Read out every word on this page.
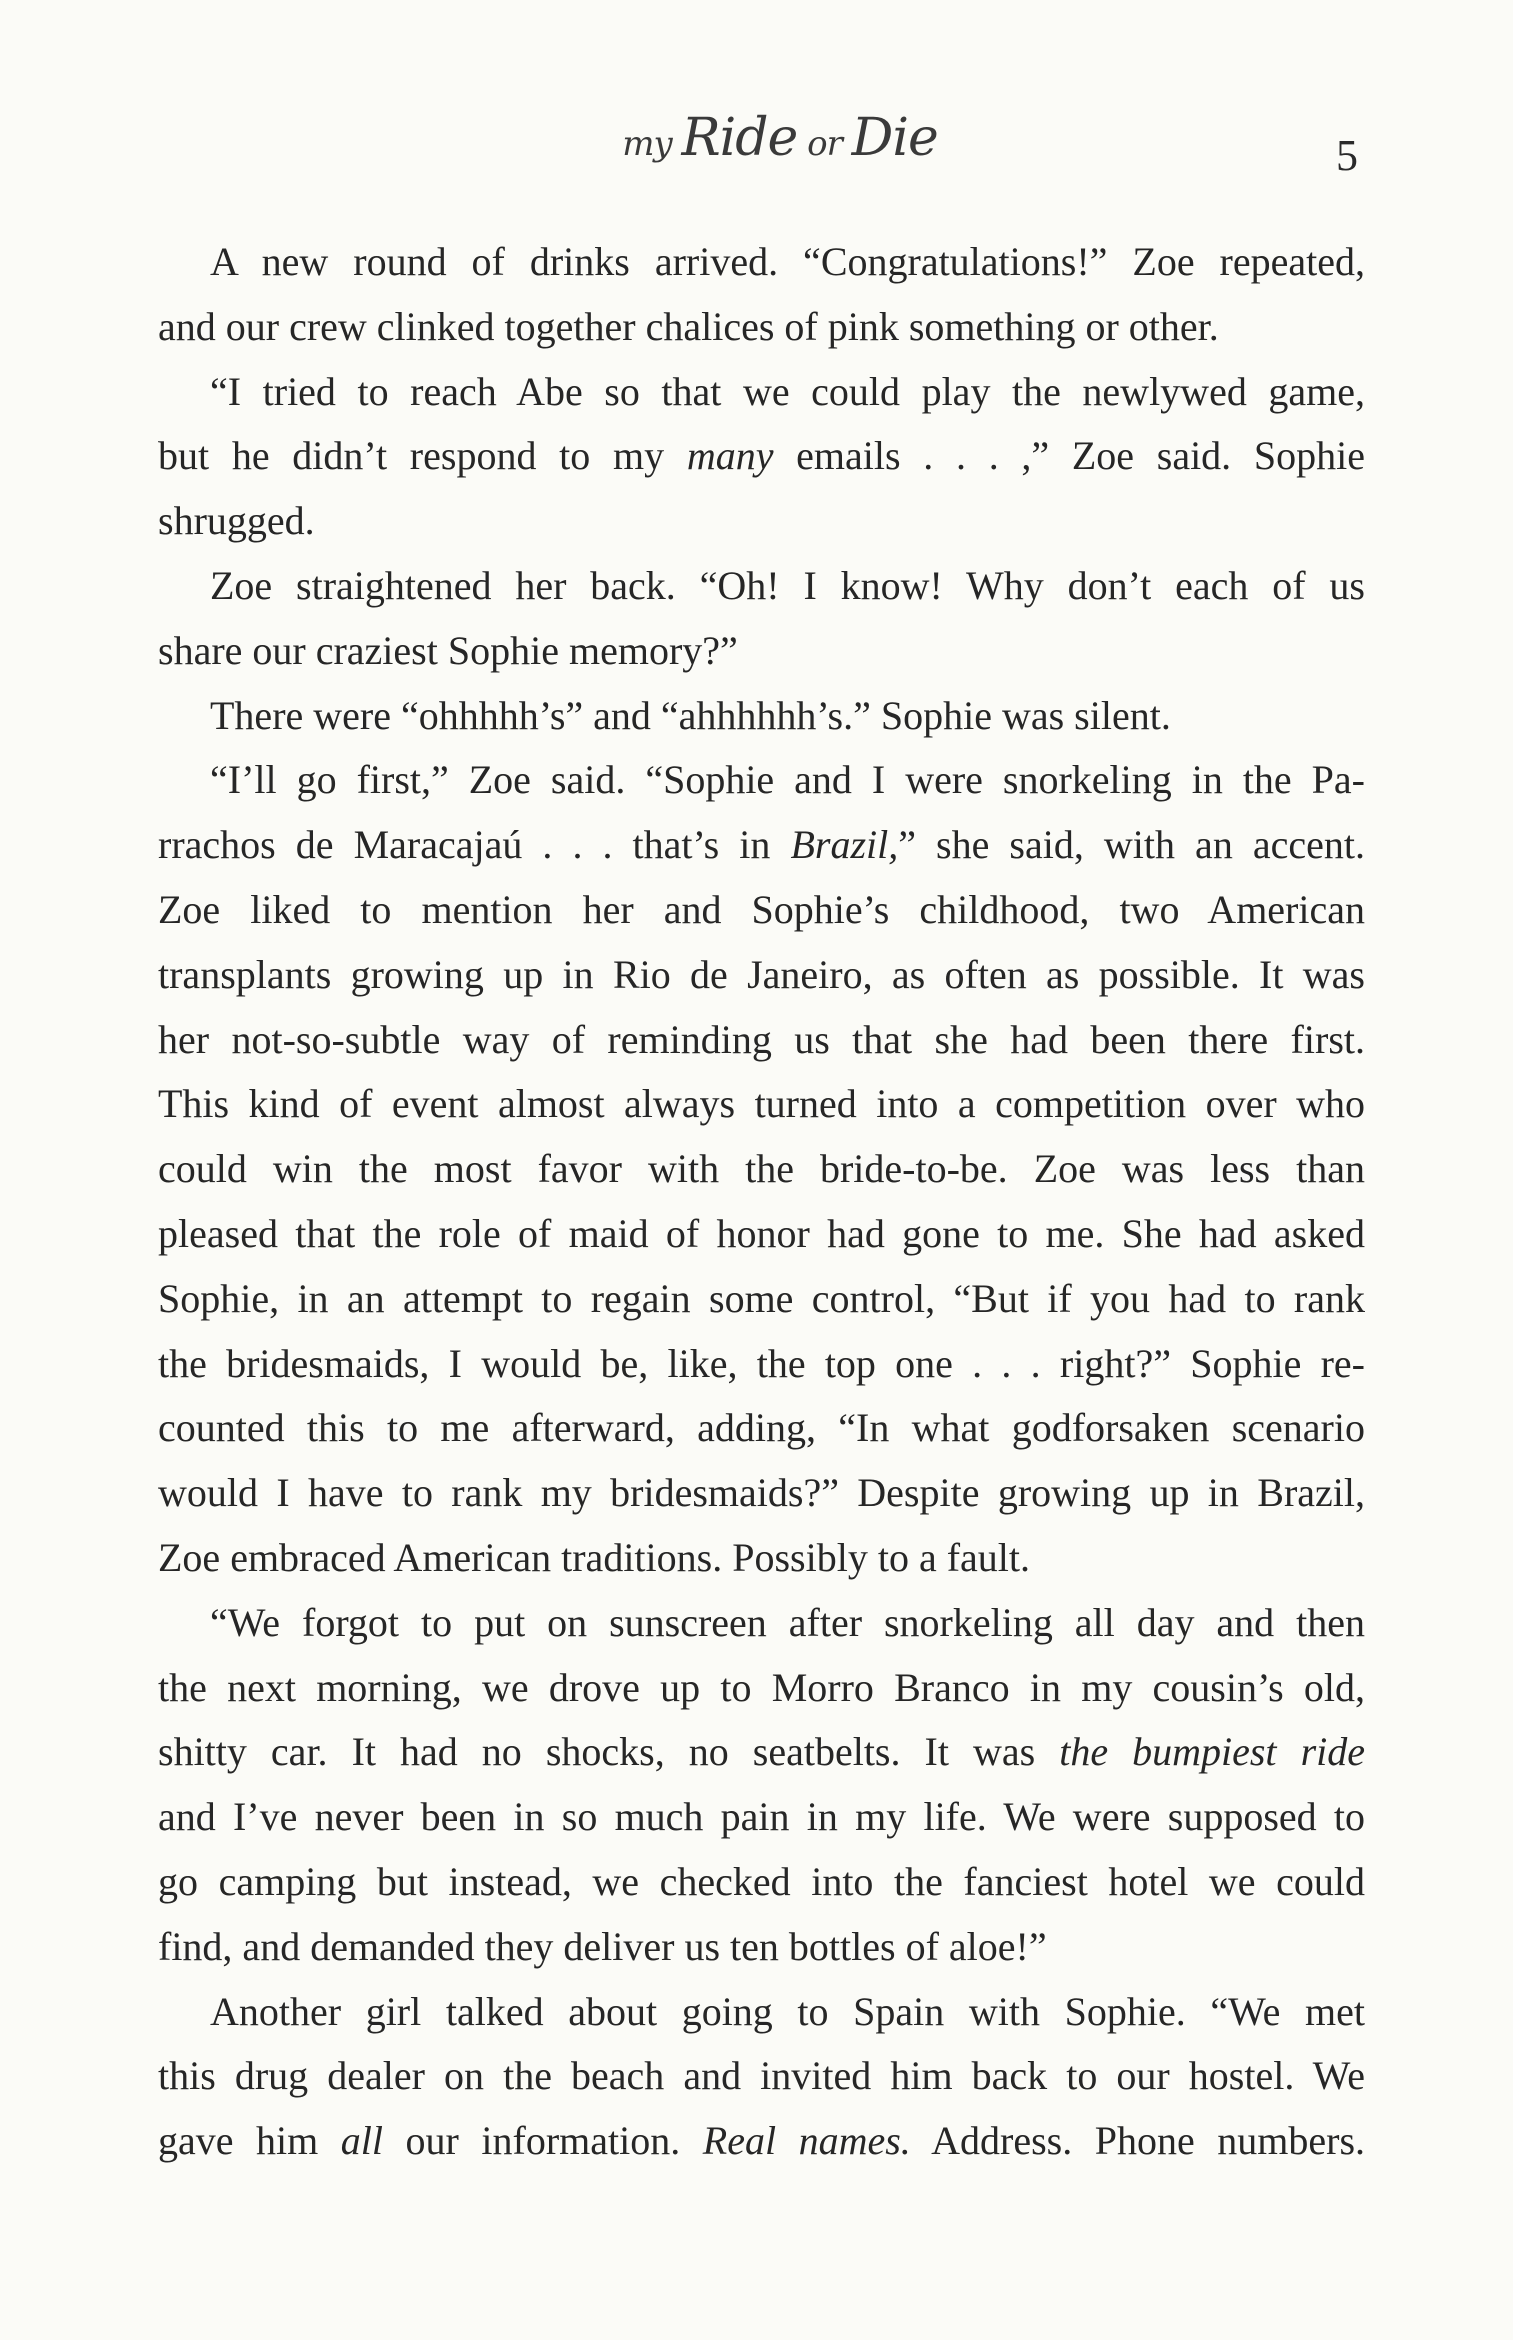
my Ride or Die	5
A new round of drinks arrived. “Congratulations!” Zoe repeated,
and our crew clinked together chalices of pink something or other.
“I tried to reach Abe so that we could play the newlywed game,
but he didn’t respond to my many emails . . . ,” Zoe said. Sophie
shrugged.
Zoe straightened her back. “Oh! I know! Why don’t each of us
share our craziest Sophie memory?”
There were “ohhhhh’s” and “ahhhhhh’s.” Sophie was silent.
“I’ll go first,” Zoe said. “Sophie and I were snorkeling in the Pa-
rrachos de Maracajaú . . . that’s in Brazil,” she said, with an accent.
Zoe liked to mention her and Sophie’s childhood, two American
transplants growing up in Rio de Janeiro, as often as possible. It was
her not-so-subtle way of reminding us that she had been there first.
This kind of event almost always turned into a competition over who
could win the most favor with the bride-to-be. Zoe was less than
pleased that the role of maid of honor had gone to me. She had asked
Sophie, in an attempt to regain some control, “But if you had to rank
the bridesmaids, I would be, like, the top one . . . right?” Sophie re-
counted this to me afterward, adding, “In what godforsaken scenario
would I have to rank my bridesmaids?” Despite growing up in Brazil,
Zoe embraced American traditions. Possibly to a fault.
“We forgot to put on sunscreen after snorkeling all day and then
the next morning, we drove up to Morro Branco in my cousin’s old,
shitty car. It had no shocks, no seatbelts. It was the bumpiest ride
and I’ve never been in so much pain in my life. We were supposed to
go camping but instead, we checked into the fanciest hotel we could
find, and demanded they deliver us ten bottles of aloe!”
Another girl talked about going to Spain with Sophie. “We met
this drug dealer on the beach and invited him back to our hostel. We
gave him all our information. Real names. Address. Phone numbers.
